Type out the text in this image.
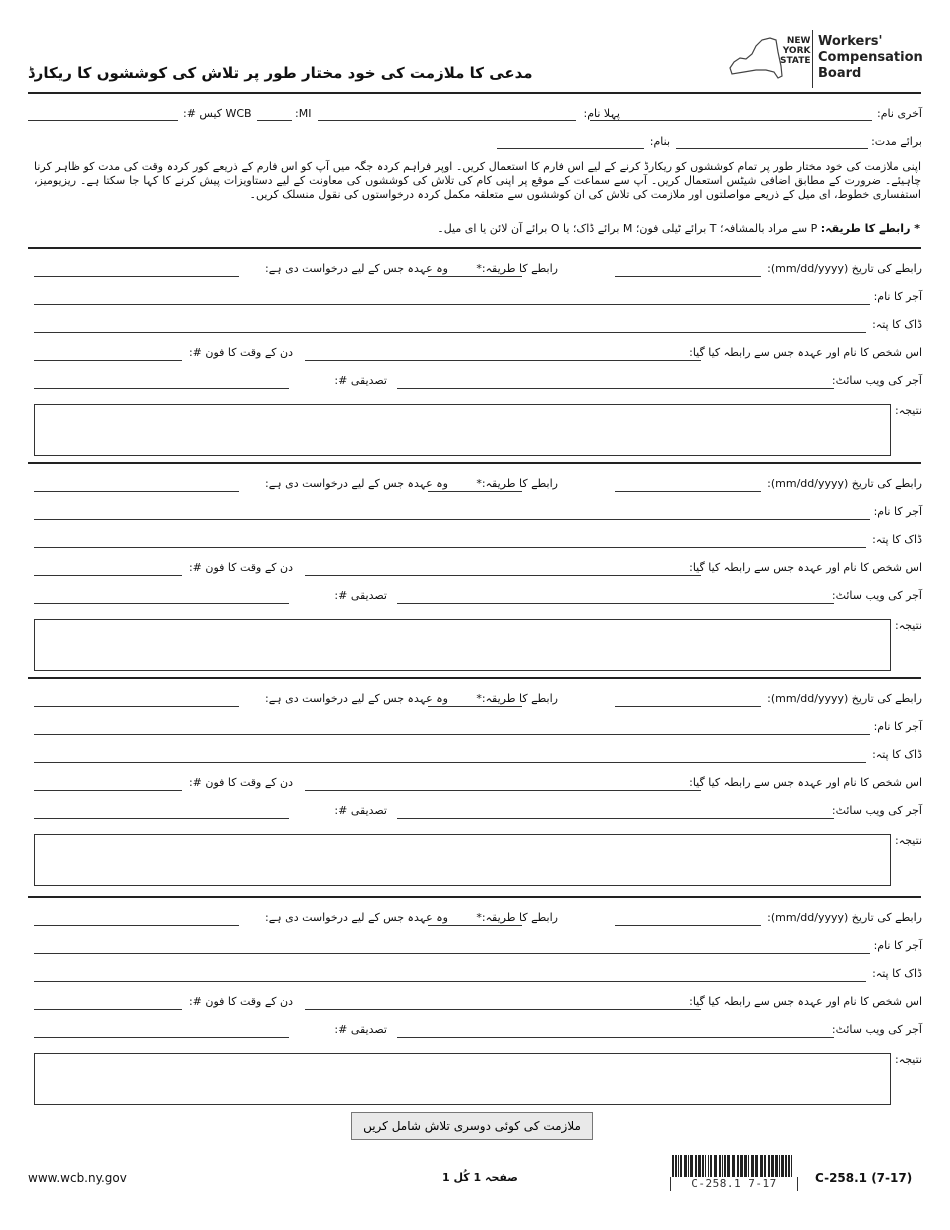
مدعی کا ملازمت کی خود مختار طور پر تلاش کی کوششوں کا ریکارڈ
NEW
YORK
STATE
Workers'
Compensation
Board
آخری نام:
پہلا نام:
MI:
WCB کیس #:
برائے مدت:
بنام:
اپنی ملازمت کی خود مختار طور پر تمام کوششوں کو ریکارڈ کرنے کے لیے اس فارم کا استعمال کریں۔ اوپر فراہم کردہ جگہ میں آپ کو اس فارم کے ذریعے کور کردہ وقت کی مدت کو ظاہر کرنا چاہیئے۔ ضرورت کے مطابق اضافی شیٹس استعمال کریں۔ آپ سے سماعت کے موقع پر اپنی کام کی تلاش کی کوششوں کی معاونت کے لیے دستاویزات پیش کرنے کا کہا جا سکتا ہے۔ ریزیومیز، استفساری خطوط، ای میل کے ذریعے مواصلتوں اور ملازمت کی تلاش کی ان کوششوں سے متعلقہ مکمل کردہ درخواستوں کی نقول منسلک کریں۔
* رابطے کا طریقہ: P سے مراد بالمشافہ؛ T برائے ٹیلی فون؛ M برائے ڈاک؛ یا O برائے آن لائن یا ای میل۔
رابطے کی تاریخ (mm/dd/yyyy):
رابطے کا طریقہ:*
وہ عہدہ جس کے لیے درخواست دی ہے:
آجر کا نام:
ڈاک کا پتہ:
اس شخص کا نام اور عہدہ جس سے رابطہ کیا گیا:
دن کے وقت کا فون #:
آجر کی ویب سائٹ:
تصدیقی #:
نتیجہ:
رابطے کی تاریخ (mm/dd/yyyy):
رابطے کا طریقہ:*
وہ عہدہ جس کے لیے درخواست دی ہے:
آجر کا نام:
ڈاک کا پتہ:
اس شخص کا نام اور عہدہ جس سے رابطہ کیا گیا:
دن کے وقت کا فون #:
آجر کی ویب سائٹ:
تصدیقی #:
نتیجہ:
رابطے کی تاریخ (mm/dd/yyyy):
رابطے کا طریقہ:*
وہ عہدہ جس کے لیے درخواست دی ہے:
آجر کا نام:
ڈاک کا پتہ:
اس شخص کا نام اور عہدہ جس سے رابطہ کیا گیا:
دن کے وقت کا فون #:
آجر کی ویب سائٹ:
تصدیقی #:
نتیجہ:
رابطے کی تاریخ (mm/dd/yyyy):
رابطے کا طریقہ:*
وہ عہدہ جس کے لیے درخواست دی ہے:
آجر کا نام:
ڈاک کا پتہ:
اس شخص کا نام اور عہدہ جس سے رابطہ کیا گیا:
دن کے وقت کا فون #:
آجر کی ویب سائٹ:
تصدیقی #:
نتیجہ:
ملازمت کی کوئی دوسری تلاش شامل کریں
www.wcb.ny.gov	صفحہ 1 کُل 1	C-258.1 7-17	C-258.1 (7-17)
